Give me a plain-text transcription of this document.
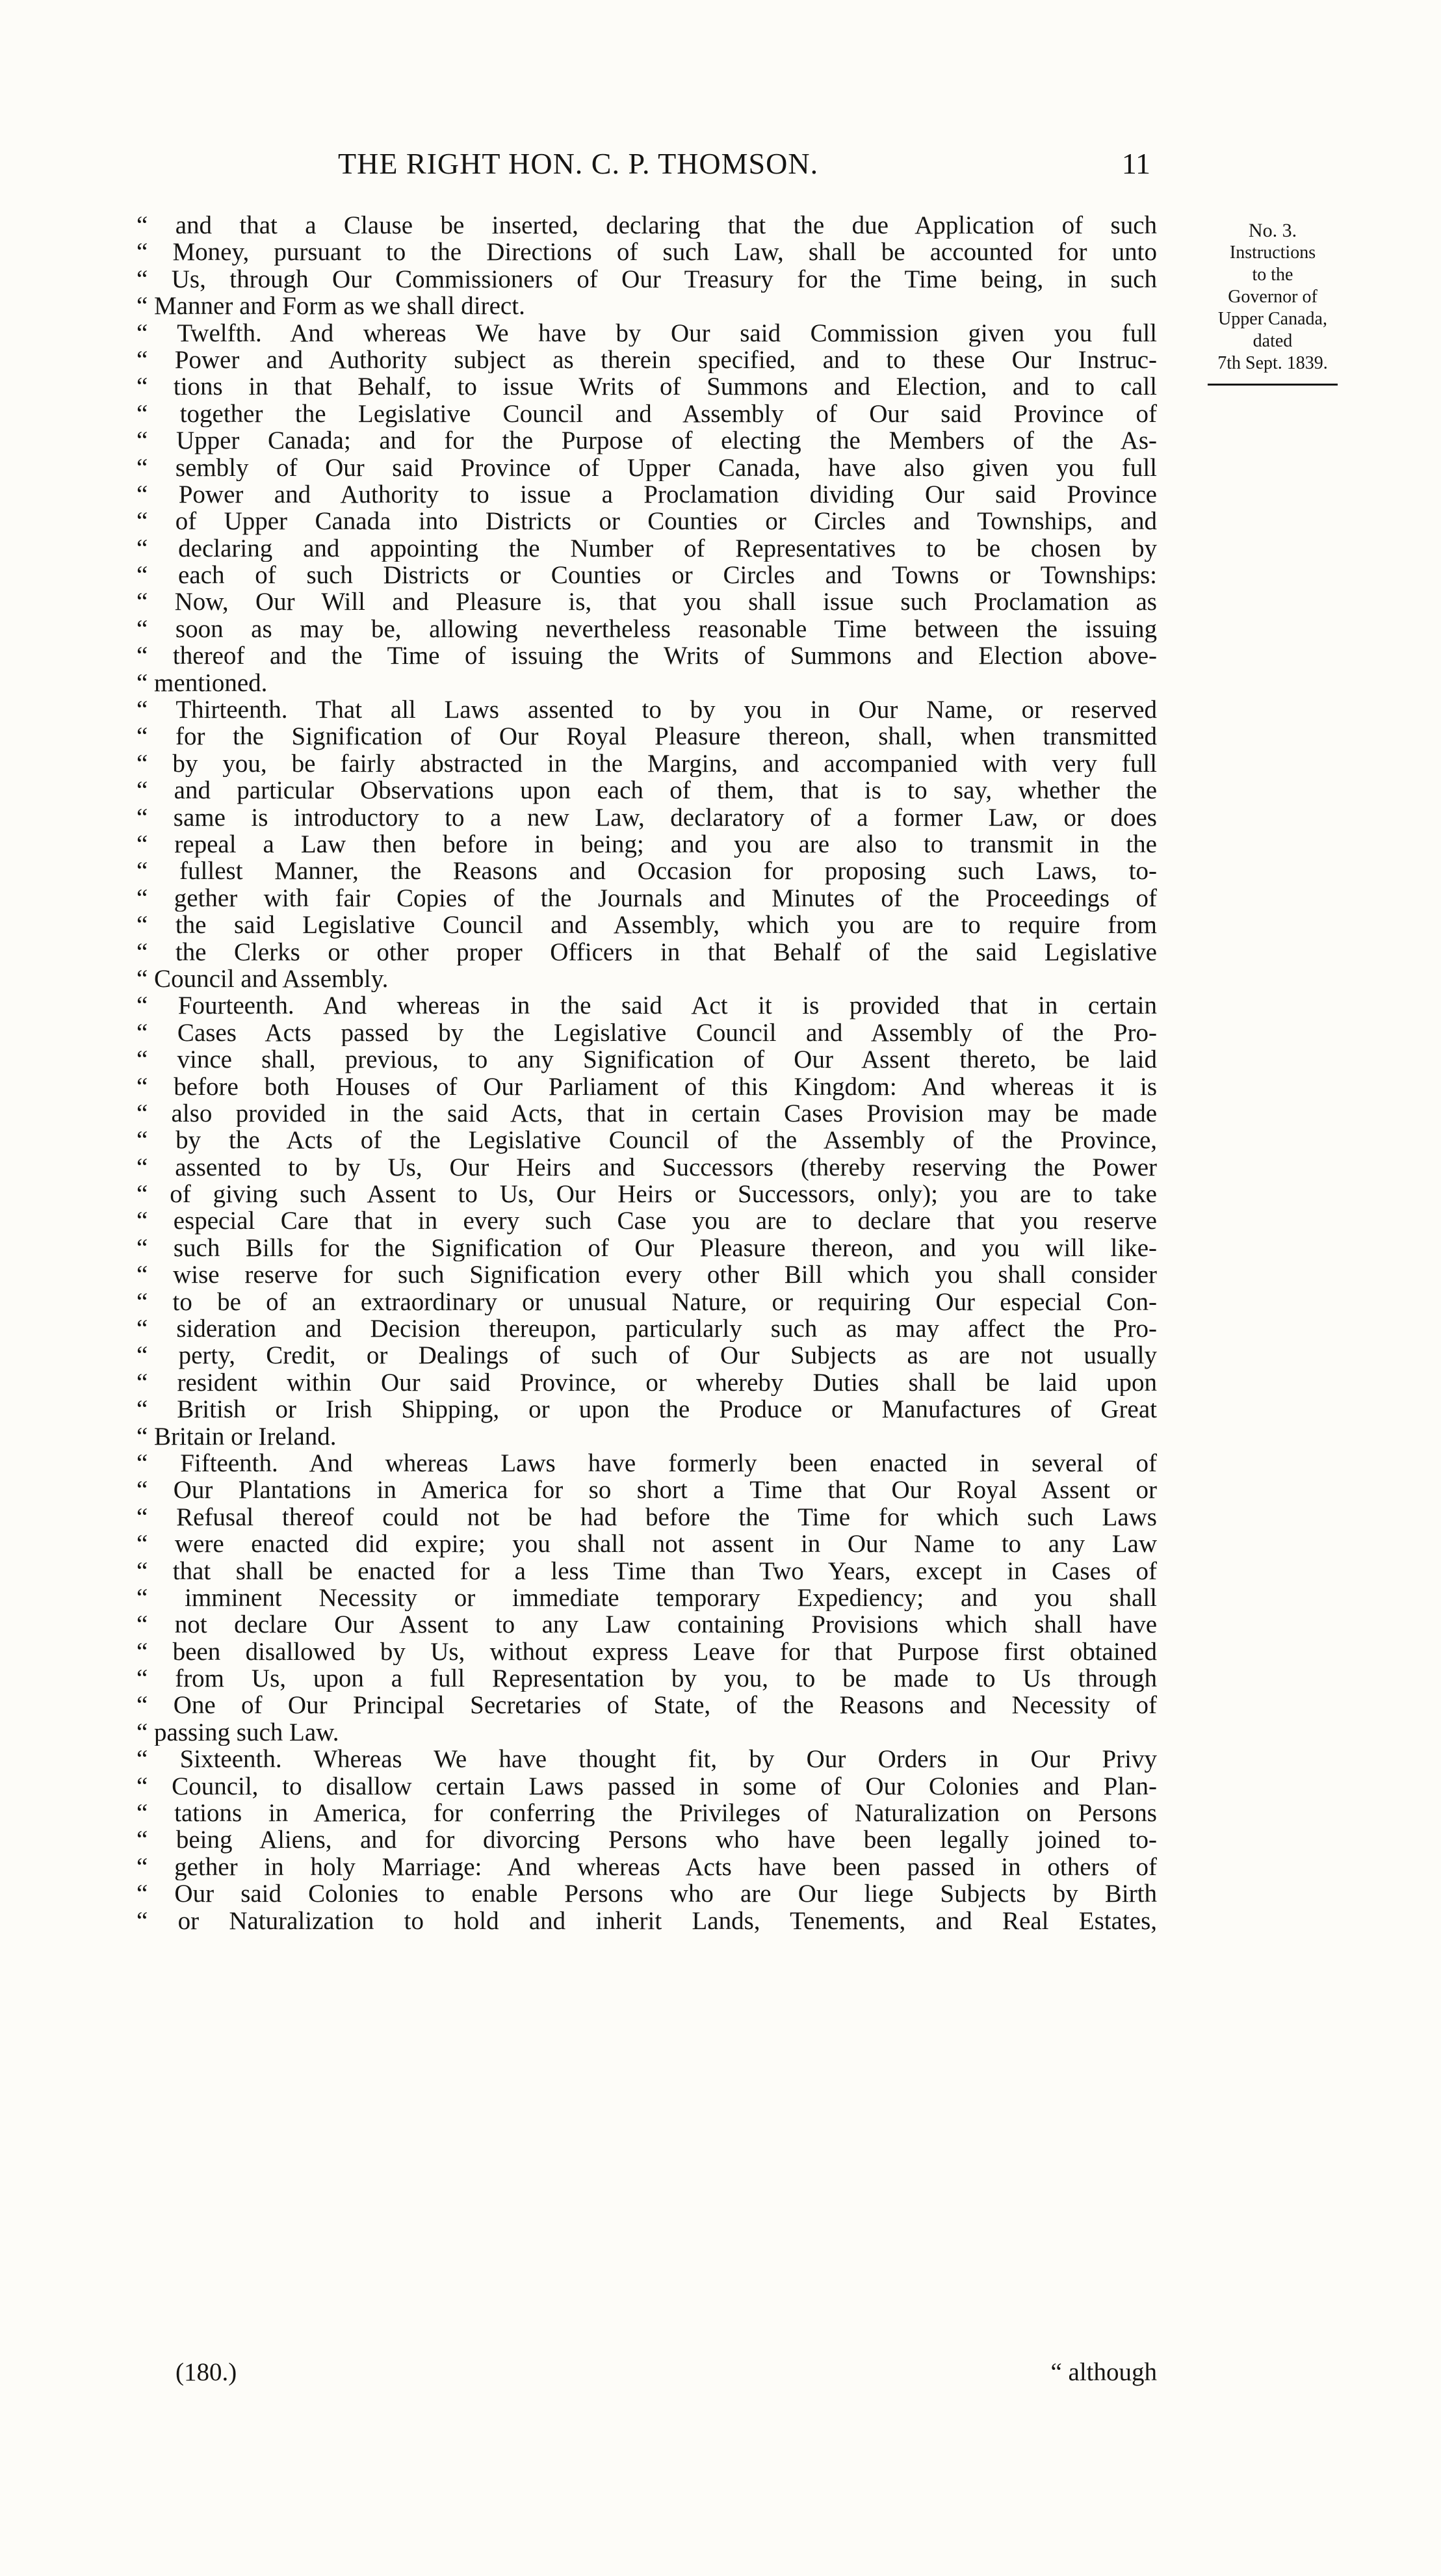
THE RIGHT HON. C. P. THOMSON.	11
No. 3.
Instructions
to the
Governor of
Upper Canada,
dated
7th Sept. 1839.
“ and that a Clause be inserted, declaring that the due Application of such
“ Money, pursuant to the Directions of such Law, shall be accounted for unto
“ Us, through Our Commissioners of Our Treasury for the Time being, in such
“ Manner and Form as we shall direct.
“ Twelfth. And whereas We have by Our said Commission given you full
“ Power and Authority subject as therein specified, and to these Our Instruc-
“ tions in that Behalf, to issue Writs of Summons and Election, and to call
“ together the Legislative Council and Assembly of Our said Province of
“ Upper Canada; and for the Purpose of electing the Members of the As-
“ sembly of Our said Province of Upper Canada, have also given you full
“ Power and Authority to issue a Proclamation dividing Our said Province
“ of Upper Canada into Districts or Counties or Circles and Townships, and
“ declaring and appointing the Number of Representatives to be chosen by
“ each of such Districts or Counties or Circles and Towns or Townships:
“ Now, Our Will and Pleasure is, that you shall issue such Proclamation as
“ soon as may be, allowing nevertheless reasonable Time between the issuing
“ thereof and the Time of issuing the Writs of Summons and Election above-
“ mentioned.
“ Thirteenth. That all Laws assented to by you in Our Name, or reserved
“ for the Signification of Our Royal Pleasure thereon, shall, when transmitted
“ by you, be fairly abstracted in the Margins, and accompanied with very full
“ and particular Observations upon each of them, that is to say, whether the
“ same is introductory to a new Law, declaratory of a former Law, or does
“ repeal a Law then before in being; and you are also to transmit in the
“ fullest Manner, the Reasons and Occasion for proposing such Laws, to-
“ gether with fair Copies of the Journals and Minutes of the Proceedings of
“ the said Legislative Council and Assembly, which you are to require from
“ the Clerks or other proper Officers in that Behalf of the said Legislative
“ Council and Assembly.
“ Fourteenth. And whereas in the said Act it is provided that in certain
“ Cases Acts passed by the Legislative Council and Assembly of the Pro-
“ vince shall, previous, to any Signification of Our Assent thereto, be laid
“ before both Houses of Our Parliament of this Kingdom: And whereas it is
“ also provided in the said Acts, that in certain Cases Provision may be made
“ by the Acts of the Legislative Council of the Assembly of the Province,
“ assented to by Us, Our Heirs and Successors (thereby reserving the Power
“ of giving such Assent to Us, Our Heirs or Successors, only); you are to take
“ especial Care that in every such Case you are to declare that you reserve
“ such Bills for the Signification of Our Pleasure thereon, and you will like-
“ wise reserve for such Signification every other Bill which you shall consider
“ to be of an extraordinary or unusual Nature, or requiring Our especial Con-
“ sideration and Decision thereupon, particularly such as may affect the Pro-
“ perty, Credit, or Dealings of such of Our Subjects as are not usually
“ resident within Our said Province, or whereby Duties shall be laid upon
“ British or Irish Shipping, or upon the Produce or Manufactures of Great
“ Britain or Ireland.
“ Fifteenth. And whereas Laws have formerly been enacted in several of
“ Our Plantations in America for so short a Time that Our Royal Assent or
“ Refusal thereof could not be had before the Time for which such Laws
“ were enacted did expire; you shall not assent in Our Name to any Law
“ that shall be enacted for a less Time than Two Years, except in Cases of
“ imminent Necessity or immediate temporary Expediency; and you shall
“ not declare Our Assent to any Law containing Provisions which shall have
“ been disallowed by Us, without express Leave for that Purpose first obtained
“ from Us, upon a full Representation by you, to be made to Us through
“ One of Our Principal Secretaries of State, of the Reasons and Necessity of
“ passing such Law.
“ Sixteenth. Whereas We have thought fit, by Our Orders in Our Privy
“ Council, to disallow certain Laws passed in some of Our Colonies and Plan-
“ tations in America, for conferring the Privileges of Naturalization on Persons
“ being Aliens, and for divorcing Persons who have been legally joined to-
“ gether in holy Marriage: And whereas Acts have been passed in others of
“ Our said Colonies to enable Persons who are Our liege Subjects by Birth
“ or Naturalization to hold and inherit Lands, Tenements, and Real Estates,
(180.)	“ although
